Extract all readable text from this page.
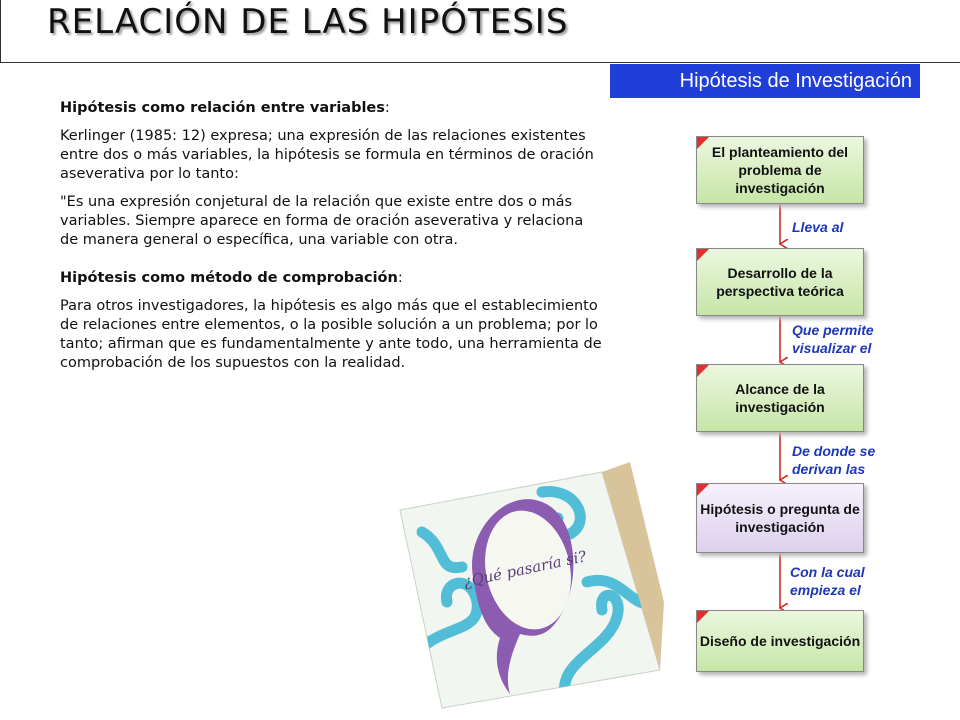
RELACIÓN DE LAS HIPÓTESIS
Hipótesis de Investigación

Hipótesis como relación entre variables:

Kerlinger (1985: 12) expresa; una expresión de las relaciones existentes entre dos o más variables, la hipótesis se formula en términos de oración aseverativa por lo tanto:

"Es una expresión conjetural de la relación que existe entre dos o más variables. Siempre aparece en forma de oración aseverativa y relaciona de manera general o específica, una variable con otra.

Hipótesis como método de comprobación:

Para otros investigadores, la hipótesis es algo más que el establecimiento de relaciones entre elementos, o la posible solución a un problema; por lo tanto; afirman que es fundamentalmente y ante todo, una herramienta de comprobación de los supuestos con la realidad.

¿Qué pasaría si?
El planteamiento del problema de investigación
Lleva al
Desarrollo de la perspectiva teórica
Que permite visualizar el
Alcance de la investigación
De donde se derivan las
Hipótesis o pregunta de investigación
Con la cual empieza el
Diseño de investigación
